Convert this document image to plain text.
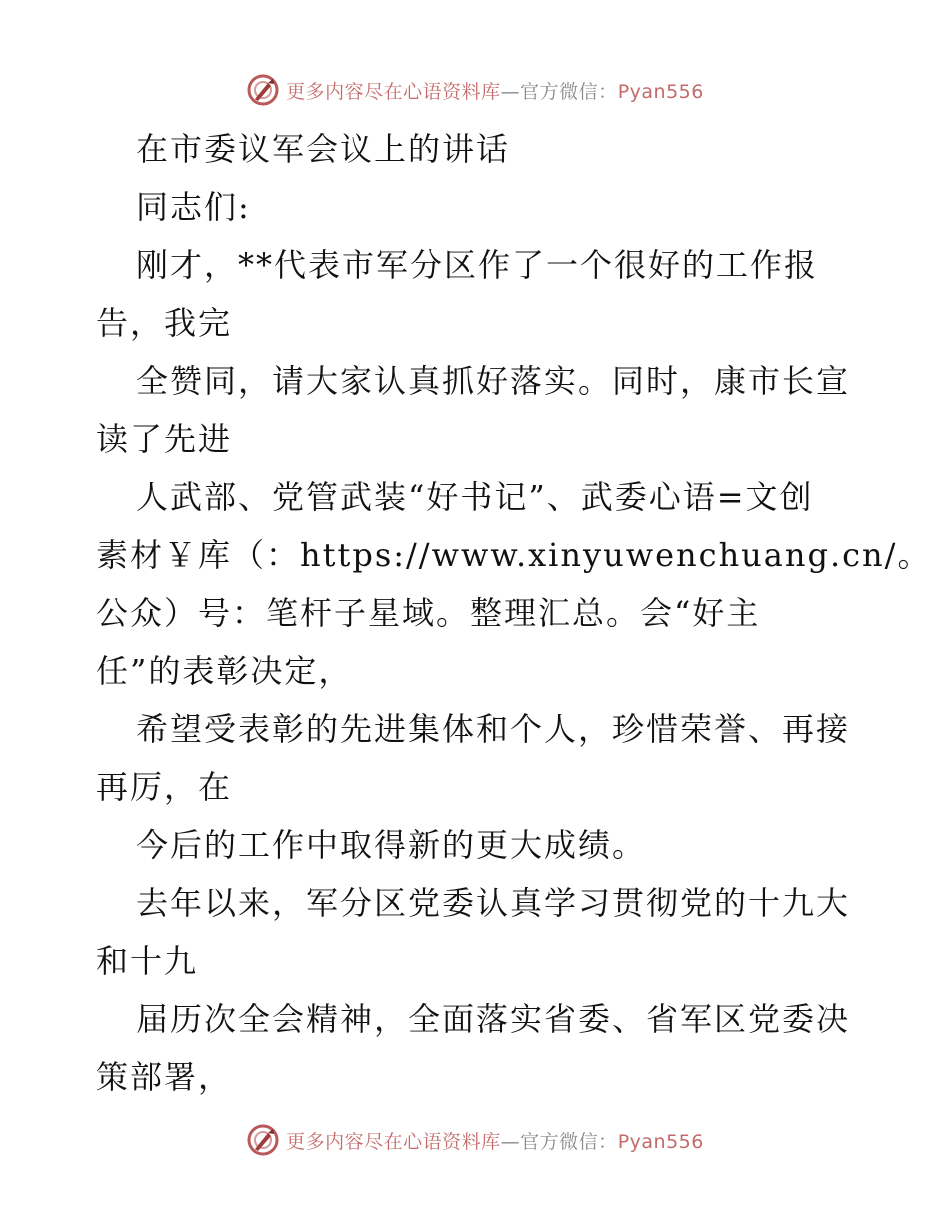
更多内容尽在心语资料库—官方微信：Pyan556
在市委议军会议上的讲话
同志们:
刚才，**代表市军分区作了一个很好的工作报
告，我完
全赞同，请大家认真抓好落实。同时，康市长宣
读了先进
人武部、党管武装“好书记”、武委心语=文创
素材￥库（：https://www.xinyuwenchuang.cn/。
公众）号：笔杆子星域。整理汇总。会“好主
任”的表彰决定，
希望受表彰的先进集体和个人，珍惜荣誉、再接
再厉，在
今后的工作中取得新的更大成绩。
去年以来，军分区党委认真学习贯彻党的十九大
和十九
届历次全会精神，全面落实省委、省军区党委决
策部署，
更多内容尽在心语资料库—官方微信：Pyan556
